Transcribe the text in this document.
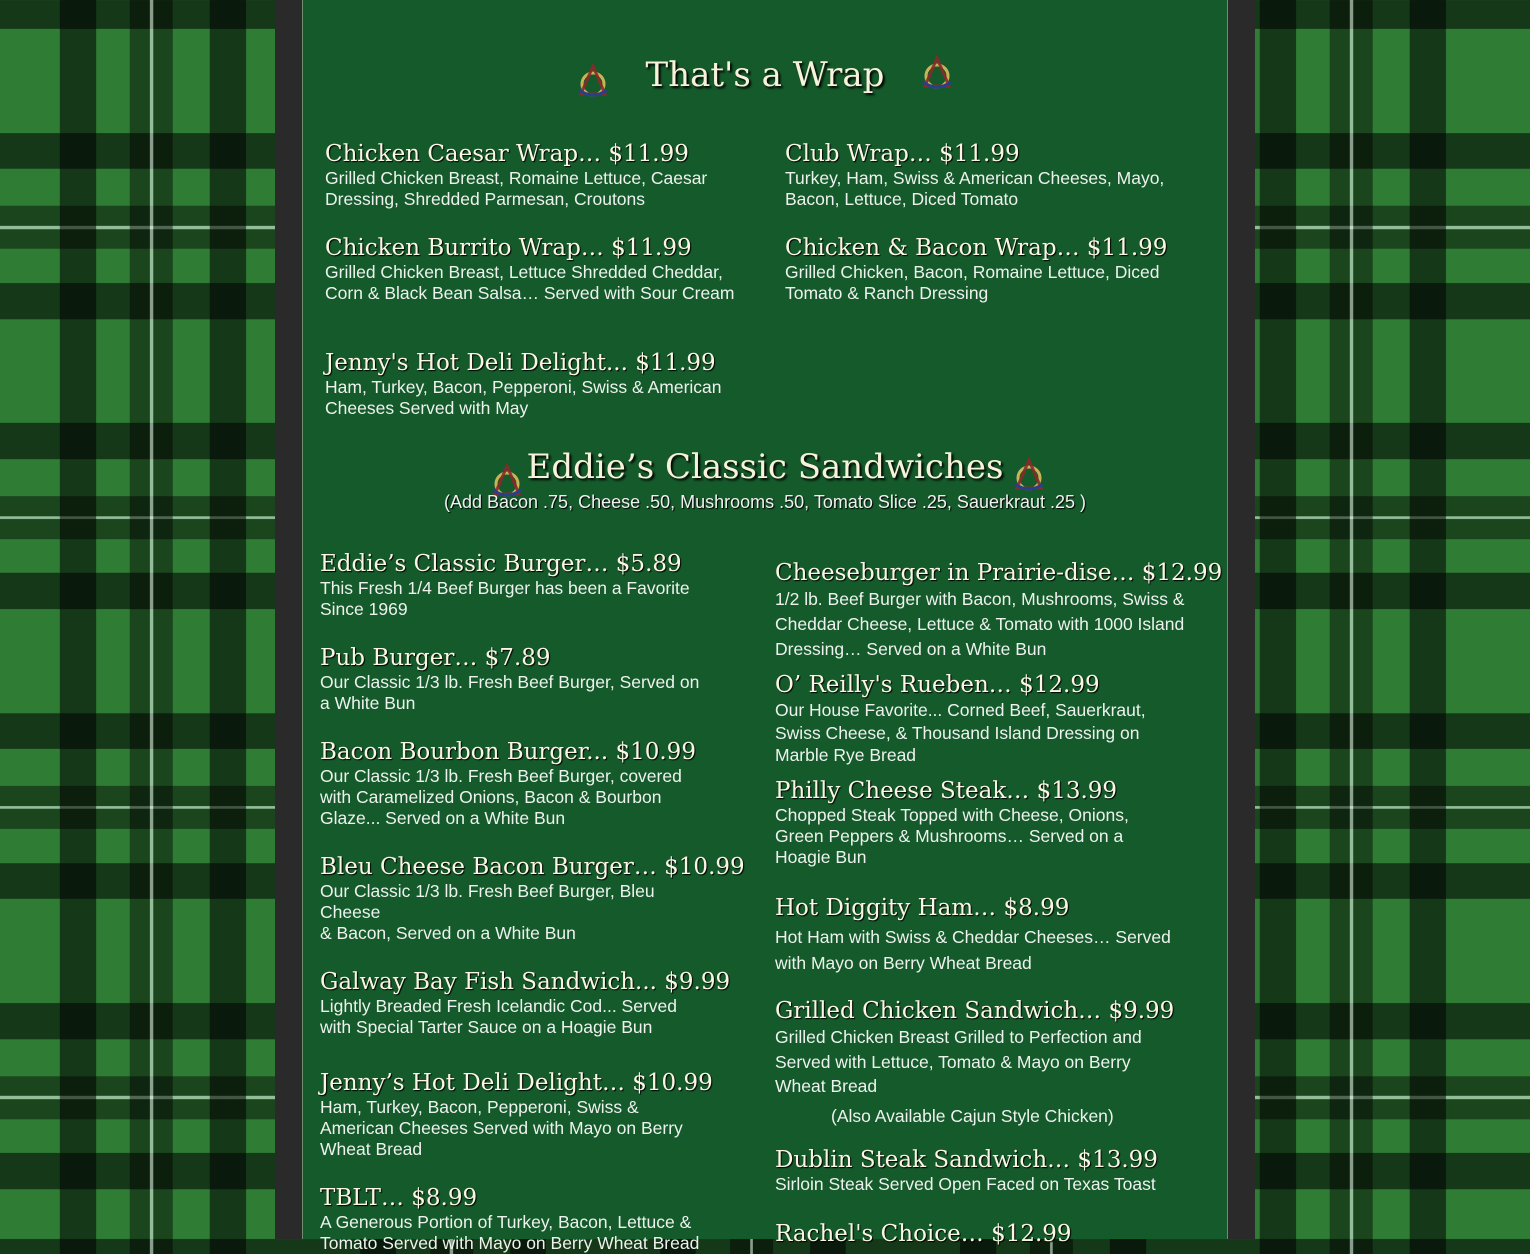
That's a Wrap
Chicken Caesar Wrap… $11.99

Grilled Chicken Breast, Romaine Lettuce, Caesar Dressing, Shredded Parmesan, Croutons

Club Wrap… $11.99

Turkey, Ham, Swiss & American Cheeses, Mayo, Bacon, Lettuce, Diced Tomato

Chicken Burrito Wrap… $11.99

Grilled Chicken Breast, Lettuce Shredded Cheddar, Corn & Black Bean Salsa… Served with Sour Cream

Chicken & Bacon Wrap… $11.99

Grilled Chicken, Bacon, Romaine Lettuce, Diced Tomato & Ranch Dressing

Jenny's Hot Deli Delight... $11.99

Ham, Turkey, Bacon, Pepperoni, Swiss & American Cheeses Served with May

Eddie’s Classic Sandwiches
(Add Bacon .75, Cheese .50, Mushrooms .50, Tomato Slice .25, Sauerkraut .25 )
Eddie’s Classic Burger… $5.89

This Fresh 1/4 Beef Burger has been a Favorite Since 1969

Pub Burger… $7.89

Our Classic 1/3 lb. Fresh Beef Burger, Served on a White Bun

Bacon Bourbon Burger... $10.99

Our Classic 1/3 lb. Fresh Beef Burger, covered with Caramelized Onions, Bacon & Bourbon Glaze... Served on a White Bun

Bleu Cheese Bacon Burger… $10.99

Our Classic 1/3 lb. Fresh Beef Burger, Bleu Cheese

& Bacon, Served on a White Bun

Galway Bay Fish Sandwich... $9.99

Lightly Breaded Fresh Icelandic Cod... Served with Special Tarter Sauce on a Hoagie Bun

Jenny’s Hot Deli Delight… $10.99

Ham, Turkey, Bacon, Pepperoni, Swiss & American Cheeses Served with Mayo on Berry Wheat Bread

TBLT… $8.99

A Generous Portion of Turkey, Bacon, Lettuce & Tomato Served with Mayo on Berry Wheat Bread

Cheeseburger in Prairie-dise… $12.99

1/2 lb. Beef Burger with Bacon, Mushrooms, Swiss & Cheddar Cheese, Lettuce & Tomato with 1000 Island Dressing… Served on a White Bun

O’ Reilly's Rueben… $12.99

Our House Favorite... Corned Beef, Sauerkraut, Swiss Cheese, & Thousand Island Dressing on Marble Rye Bread

Philly Cheese Steak… $13.99

Chopped Steak Topped with Cheese, Onions, Green Peppers & Mushrooms… Served on a Hoagie Bun

Hot Diggity Ham… $8.99

Hot Ham with Swiss & Cheddar Cheeses… Served with Mayo on Berry Wheat Bread

Grilled Chicken Sandwich… $9.99

Grilled Chicken Breast Grilled to Perfection and Served with Lettuce, Tomato & Mayo on Berry Wheat Bread

(Also Available Cajun Style Chicken)
Dublin Steak Sandwich… $13.99

Sirloin Steak Served Open Faced on Texas Toast

Rachel's Choice… $12.99
